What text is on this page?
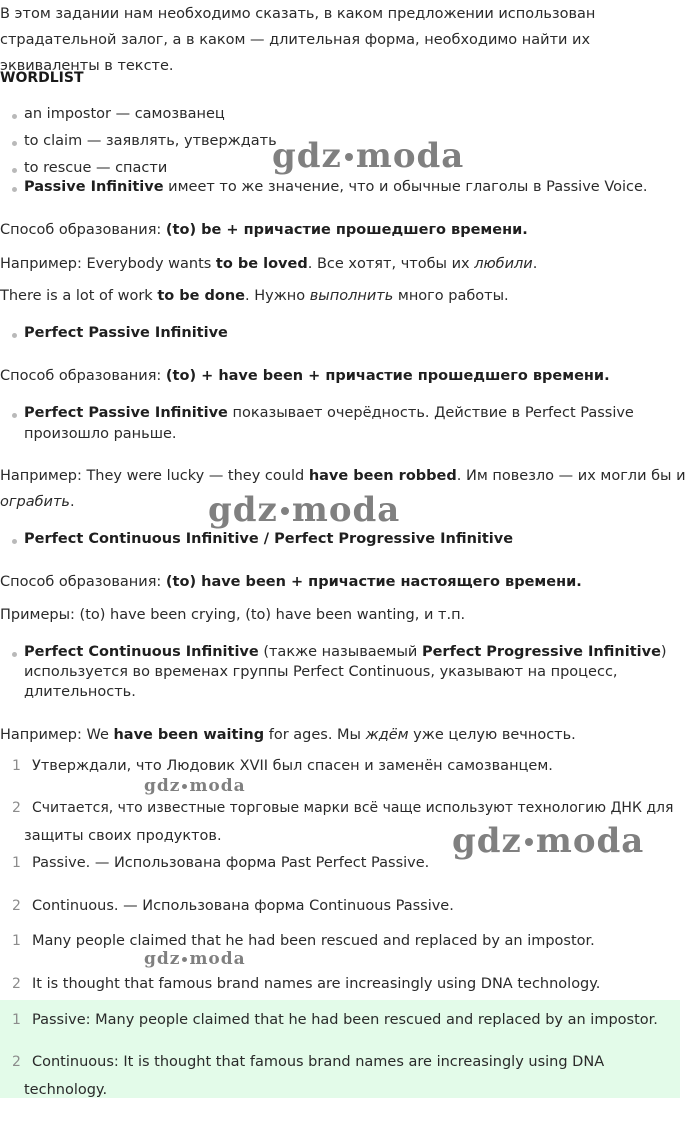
В этом задании нам необходимо сказать, в каком предложении использован
страдательной залог, а в каком — длительная форма, необходимо найти их
эквиваленты в тексте.
WORDLIST
an impostor — самозванец
to claim — заявлять, утверждать
to rescue — спасти
Passive Infinitive имеет то же значение, что и обычные глаголы в Passive Voice.
Способ образования: (to) be + причастие прошедшего времени.
Например: Everybody wants to be loved. Все хотят, чтобы их любили.
There is a lot of work to be done. Нужно выполнить много работы.
Perfect Passive Infinitive
Способ образования: (to) + have been + причастие прошедшего времени.
Perfect Passive Infinitive показывает очерёдность. Действие в Perfect Passive
произошло раньше.
Например: They were lucky — they could have been robbed. Им повезло — их могли бы и
ограбить.
Perfect Continuous Infinitive / Perfect Progressive Infinitive
Способ образования: (to) have been + причастие настоящего времени.
Примеры: (to) have been crying, (to) have been wanting, и т.п.
Perfect Continuous Infinitive (также называемый Perfect Progressive Infinitive)
используется во временах группы Perfect Continuous, указывают на процесс,
длительность.
Например: We have been waiting for ages. Мы ждём уже целую вечность.
1 Утверждали, что Людовик XVII был спасен и заменён самозванцем.
2 Считается, что известные торговые марки всё чаще используют технологию ДНК для
защиты своих продуктов.
1 Passive. — Использована форма Past Perfect Passive.
2 Continuous. — Использована форма Continuous Passive.
1 Many people claimed that he had been rescued and replaced by an impostor.
2 It is thought that famous brand names are increasingly using DNA technology.
1 Passive: Many people claimed that he had been rescued and replaced by an impostor.
2 Continuous: It is thought that famous brand names are increasingly using DNA
technology.
gdz moda
gdz moda
gdz moda
gdz moda
gdz moda
